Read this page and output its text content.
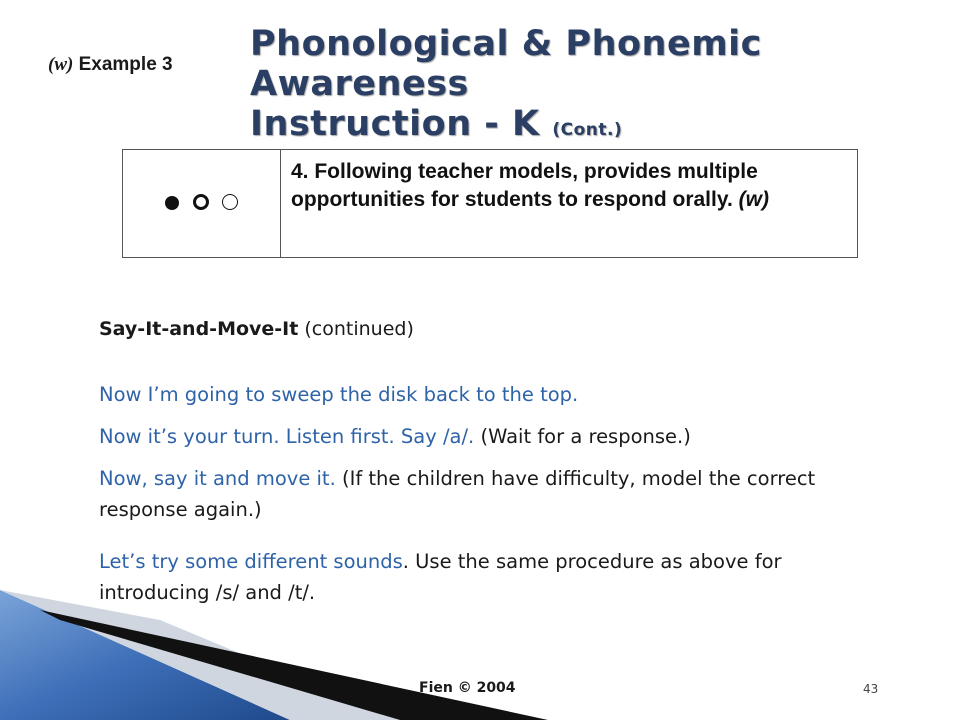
(w) Example 3
Phonological & Phonemic Awareness
Instruction - K (Cont.)
	4. Following teacher models, provides multiple opportunities for students to respond orally. (w)
Say-It-and-Move-It (continued)
Now I’m going to sweep the disk back to the top.
Now it’s your turn. Listen first. Say /a/. (Wait for a response.)
Now, say it and move it. (If the children have difficulty, model the correct response again.)
Let’s try some different sounds. Use the same procedure as above for introducing /s/ and /t/.
Fien © 2004	43
